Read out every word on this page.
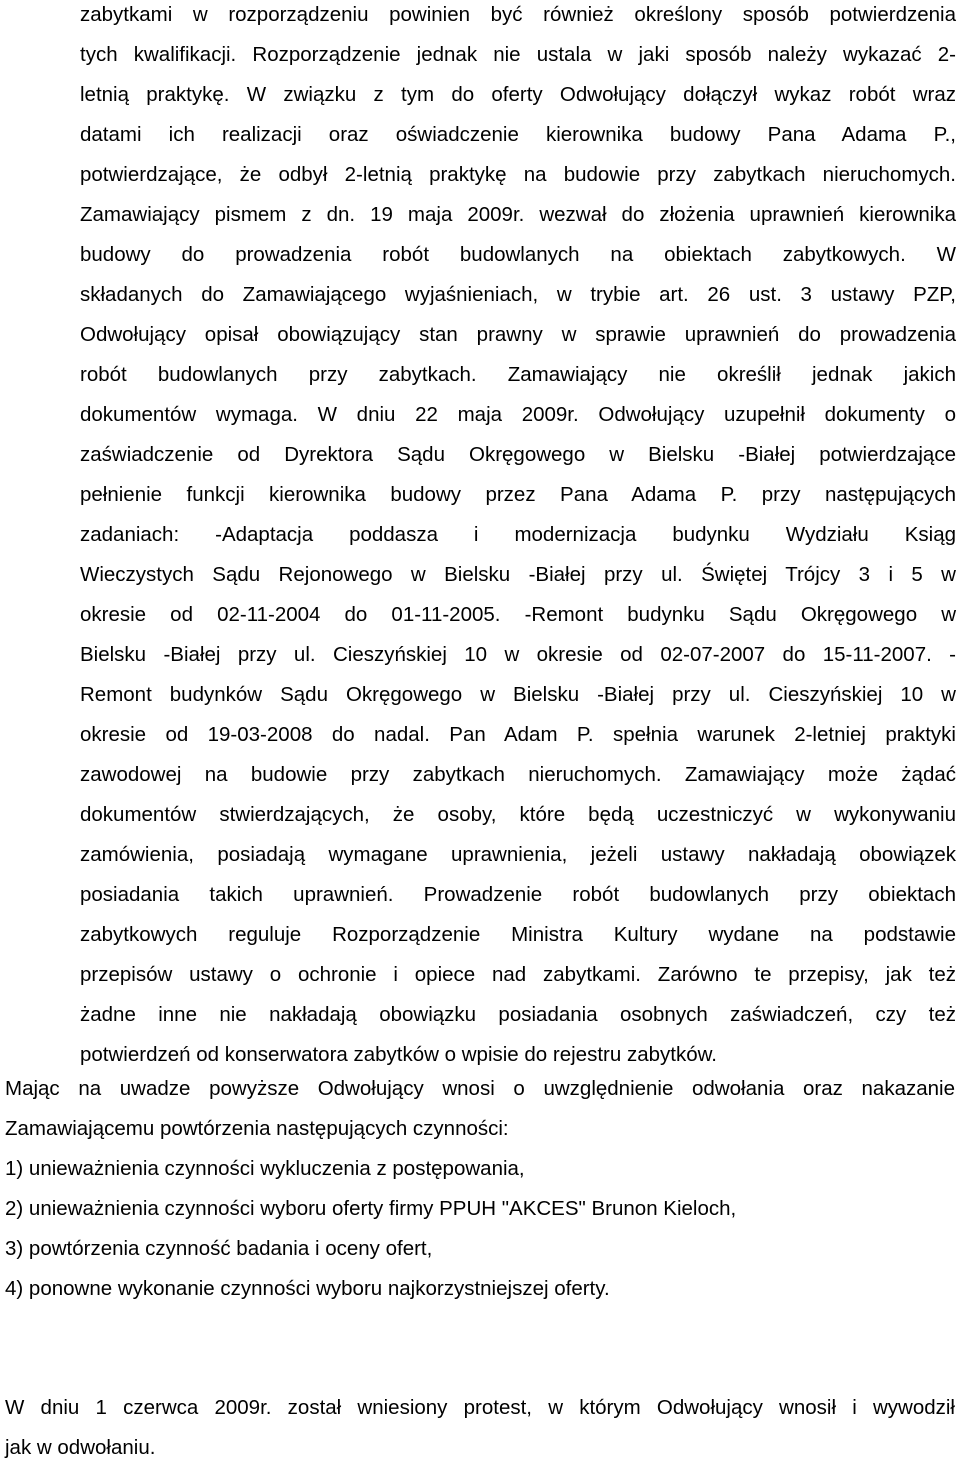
zabytkami w rozporządzeniu powinien być również określony sposób potwierdzenia
tych kwalifikacji. Rozporządzenie jednak nie ustala w jaki sposób należy wykazać 2-
letnią praktykę. W związku z tym do oferty Odwołujący dołączył wykaz robót wraz
datami ich realizacji oraz oświadczenie kierownika budowy Pana Adama P.,
potwierdzające, że odbył 2-letnią praktykę na budowie przy zabytkach nieruchomych.
Zamawiający pismem z dn. 19 maja 2009r. wezwał do złożenia uprawnień kierownika
budowy do prowadzenia robót budowlanych na obiektach zabytkowych. W
składanych do Zamawiającego wyjaśnieniach, w trybie art. 26 ust. 3 ustawy PZP,
Odwołujący opisał obowiązujący stan prawny w sprawie uprawnień do prowadzenia
robót budowlanych przy zabytkach. Zamawiający nie określił jednak jakich
dokumentów wymaga. W dniu 22 maja 2009r. Odwołujący uzupełnił dokumenty o
zaświadczenie od Dyrektora Sądu Okręgowego w Bielsku -Białej potwierdzające
pełnienie funkcji kierownika budowy przez Pana Adama P. przy następujących
zadaniach: -Adaptacja poddasza i modernizacja budynku Wydziału Ksiąg
Wieczystych Sądu Rejonowego w Bielsku -Białej przy ul. Świętej Trójcy 3 i 5 w
okresie od 02-11-2004 do 01-11-2005. -Remont budynku Sądu Okręgowego w
Bielsku -Białej przy ul. Cieszyńskiej 10 w okresie od 02-07-2007 do 15-11-2007. -
Remont budynków Sądu Okręgowego w Bielsku -Białej przy ul. Cieszyńskiej 10 w
okresie od 19-03-2008 do nadal. Pan Adam P. spełnia warunek 2-letniej praktyki
zawodowej na budowie przy zabytkach nieruchomych. Zamawiający może żądać
dokumentów stwierdzających, że osoby, które będą uczestniczyć w wykonywaniu
zamówienia, posiadają wymagane uprawnienia, jeżeli ustawy nakładają obowiązek
posiadania takich uprawnień. Prowadzenie robót budowlanych przy obiektach
zabytkowych reguluje Rozporządzenie Ministra Kultury wydane na podstawie
przepisów ustawy o ochronie i opiece nad zabytkami. Zarówno te przepisy, jak też
żadne inne nie nakładają obowiązku posiadania osobnych zaświadczeń, czy też
potwierdzeń od konserwatora zabytków o wpisie do rejestru zabytków.
Mając na uwadze powyższe Odwołujący wnosi o uwzględnienie odwołania oraz nakazanie
Zamawiającemu powtórzenia następujących czynności:
1) unieważnienia czynności wykluczenia z postępowania,
2) unieważnienia czynności wyboru oferty firmy PPUH "AKCES" Brunon Kieloch,
3) powtórzenia czynność badania i oceny ofert,
4) ponowne wykonanie czynności wyboru najkorzystniejszej oferty.
W dniu 1 czerwca 2009r. został wniesiony protest, w którym Odwołujący wnosił i wywodził
jak w odwołaniu.
